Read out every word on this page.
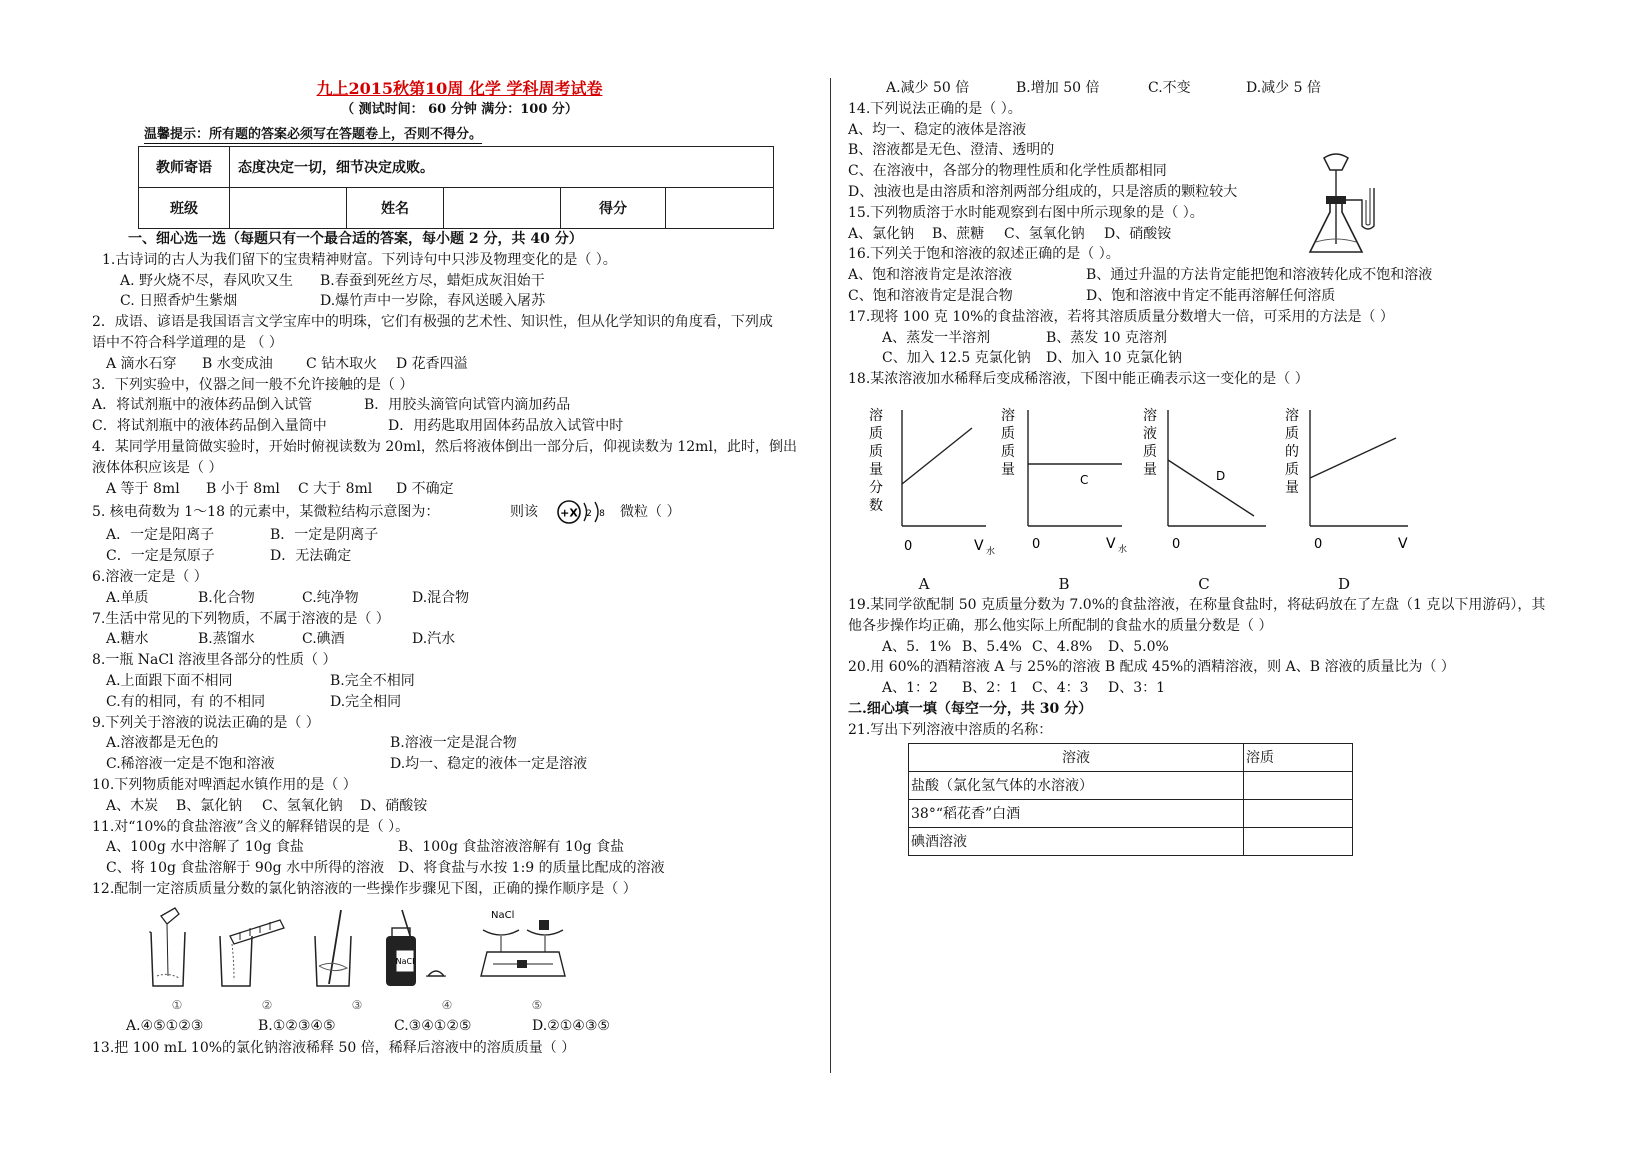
九上2015秋第10周 化学 学科周考试卷
（ 测试时间： 60 分钟 满分：100 分）
温馨提示：所有题的答案必须写在答题卷上，否则不得分。
教师寄语	态度决定一切，细节决定成败。				
班级		姓名		得分	
一、细心选一选（每题只有一个最合适的答案，每小题 2 分，共 40 分）
1.古诗词的古人为我们留下的宝贵精神财富。下列诗句中只涉及物理变化的是（ ）。
A. 野火烧不尽，春风吹又生	B.春蚕到死丝方尽，蜡炬成灰泪始干
C. 日照香炉生紫烟	D.爆竹声中一岁除，春风送暖入屠苏
2．成语、谚语是我国语言文学宝库中的明珠，它们有极强的艺术性、知识性，但从化学知识的角度看，下列成
语中不符合科学道理的是 （ ）
A 滴水石穿	B 水变成油	C 钻木取火	D 花香四溢
3．下列实验中，仪器之间一般不允许接触的是（ ）
A．将试剂瓶中的液体药品倒入试管	B．用胶头滴管向试管内滴加药品
C．将试剂瓶中的液体药品倒入量筒中	D．用药匙取用固体药品放入试管中时
4．某同学用量筒做实验时，开始时俯视读数为 20ml，然后将液体倒出一部分后，仰视读数为 12ml，此时，倒出
液体体积应该是（ ）
A 等于 8ml	B 小于 8ml	C 大于 8ml	D 不确定
5. 核电荷数为 1～18 的元素中，某微粒结构示意图为：	则该	+X 2 8 微粒（ ）
A．一定是阳离子	B．一定是阴离子
C．一定是氖原子	D．无法确定
6.溶液一定是（ ）
A.单质	B.化合物	C.纯净物	D.混合物
7.生活中常见的下列物质，不属于溶液的是（ ）
A.糖水	B.蒸馏水	C.碘酒	D.汽水
8.一瓶 NaCl 溶液里各部分的性质（ ）
A.上面跟下面不相同	B.完全不相同
C.有的相同，有 的不相同	D.完全相同
9.下列关于溶液的说法正确的是（ ）
A.溶液都是无色的	B.溶液一定是混合物
C.稀溶液一定是不饱和溶液	D.均一、稳定的液体一定是溶液
10.下列物质能对啤酒起水镇作用的是（ ）
A、木炭	B、氯化钠	C、氢氧化钠	D、硝酸铵
11.对“10%的食盐溶液”含义的解释错误的是（ ）。
A、100g 水中溶解了 10g 食盐	B、100g 食盐溶液溶解有 10g 食盐
C、将 10g 食盐溶解于 90g 水中所得的溶液 D、将食盐与水按 1:9 的质量比配成的溶液
12.配制一定溶质质量分数的氯化钠溶液的一些操作步骤见下图，正确的操作顺序是（ ）
NaCl
NaCl
①	②	③	④	⑤
A.④⑤①②③	B.①②③④⑤	C.③④①②⑤	D.②①④③⑤
13.把 100 mL 10%的氯化钠溶液稀释 50 倍，稀释后溶液中的溶质质量（ ）
A.减少 50 倍	B.增加 50 倍	C.不变	D.减少 5 倍
14.下列说法正确的是（ ）。
A、均一、稳定的液体是溶液
B、溶液都是无色、澄清、透明的
C、在溶液中，各部分的物理性质和化学性质都相同
D、浊液也是由溶质和溶剂两部分组成的，只是溶质的颗粒较大
15.下列物质溶于水时能观察到右图中所示现象的是（ ）。
A、氯化钠	B、蔗糖	C、氢氧化钠	D、硝酸铵
16.下列关于饱和溶液的叙述正确的是（ ）。
A、饱和溶液肯定是浓溶液	B、通过升温的方法肯定能把饱和溶液转化成不饱和溶液
C、饱和溶液肯定是混合物	D、饱和溶液中肯定不能再溶解任何溶质
17.现将 100 克 10%的食盐溶液，若将其溶质质量分数增大一倍，可采用的方法是（ ）
A、蒸发一半溶剂	B、蒸发 10 克溶剂
C、加入 12.5 克氯化钠	D、加入 10 克氯化钠
18.某浓溶液加水稀释后变成稀溶液，下图中能正确表示这一变化的是（ ）
溶
质
质
量
分
数
0	V 水
溶
质
质
量
C
0	V 水
溶
液
质
量	D
0
溶
质
的
质
量
0	V
A	B	C	D
19.某同学欲配制 50 克质量分数为 7.0%的食盐溶液，在称量食盐时，将砝码放在了左盘（1 克以下用游码），其
他各步操作均正确，那么他实际上所配制的食盐水的质量分数是（ ）
A、5．1% B、5.4% C、4.8%	D、5.0%
20.用 60%的酒精溶液 A 与 25%的溶液 B 配成 45%的酒精溶液，则 A、B 溶液的质量比为（ ）
A、1：2	B、2：1 C、4：3	D、3：1
二.细心填一填（每空一分，共 30 分）
21.写出下列溶液中溶质的名称：
溶液	溶质
盐酸（氯化氢气体的水溶液）	
38°“稻花香”白酒	
碘酒溶液	
